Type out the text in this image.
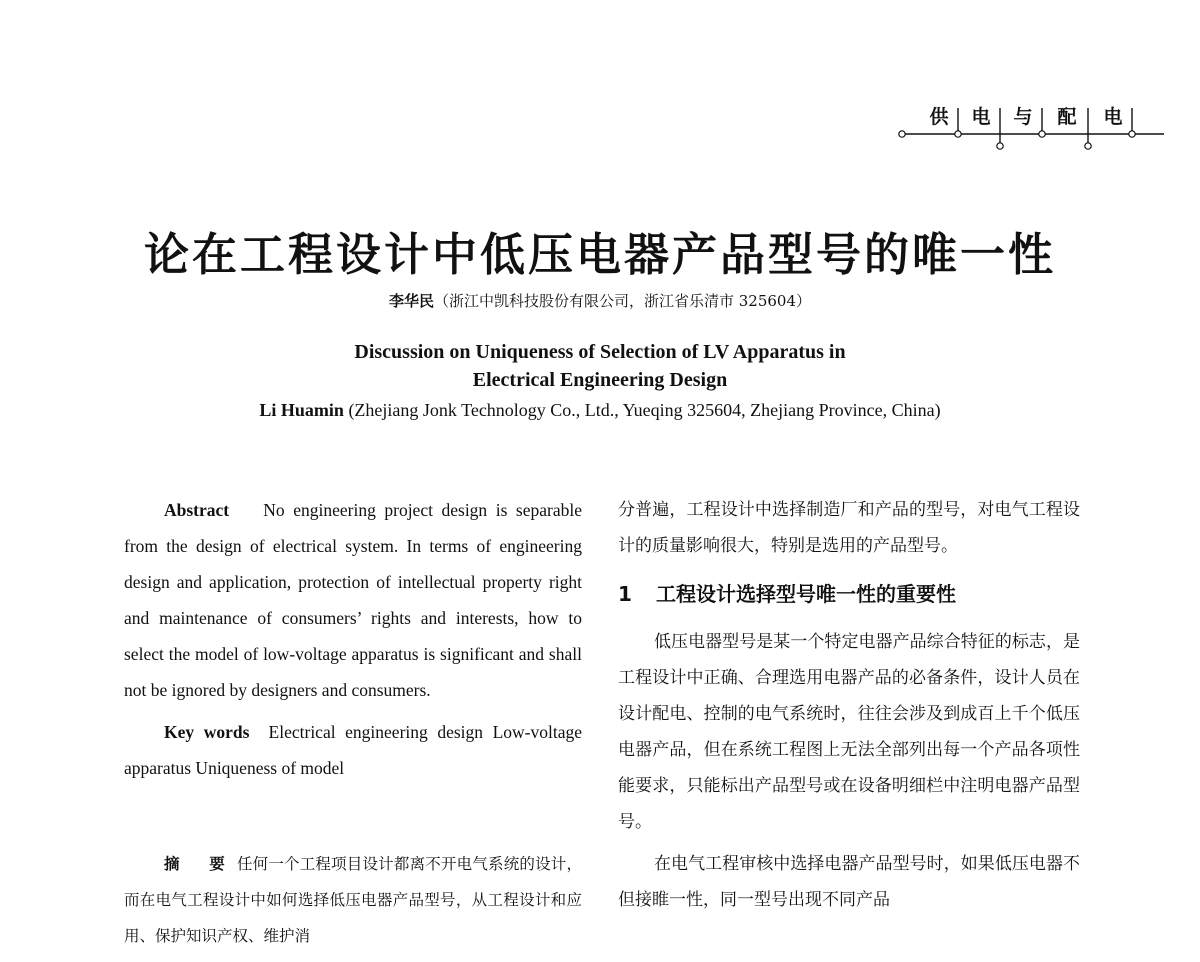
供	电	与	配	电
论在工程设计中低压电器产品型号的唯一性
李华民（浙江中凯科技股份有限公司，浙江省乐清市 325604）
Discussion on Uniqueness of Selection of LV Apparatus in
Electrical Engineering Design
Li Huamin (Zhejiang Jonk Technology Co., Ltd., Yueqing 325604, Zhejiang Province, China)

Abstract No engineering project design is separable from the design of electrical system. In terms of engineering design and application, protection of intellectual property right and maintenance of consumers’ rights and interests, how to select the model of low-voltage apparatus is significant and shall not be ignored by designers and consumers.

Key words Electrical engineering design Low-voltage apparatus Uniqueness of model

摘 要任何一个工程项目设计都离不开电气系统的设计，而在电气工程设计中如何选择低压电器产品型号，从工程设计和应用、保护知识产权、维护消

分普遍，工程设计中选择制造厂和产品的型号，对电气工程设计的质量影响很大，特别是选用的产品型号。

1 工程设计选择型号唯一性的重要性

低压电器型号是某一个特定电器产品综合特征的标志，是工程设计中正确、合理选用电器产品的必备条件，设计人员在设计配电、控制的电气系统时，往往会涉及到成百上千个低压电器产品，但在系统工程图上无法全部列出每一个产品各项性能要求，只能标出产品型号或在设备明细栏中注明电器产品型号。

在电气工程审核中选择电器产品型号时，如果低压电器不但接睢一性，同一型号出现不同产品
